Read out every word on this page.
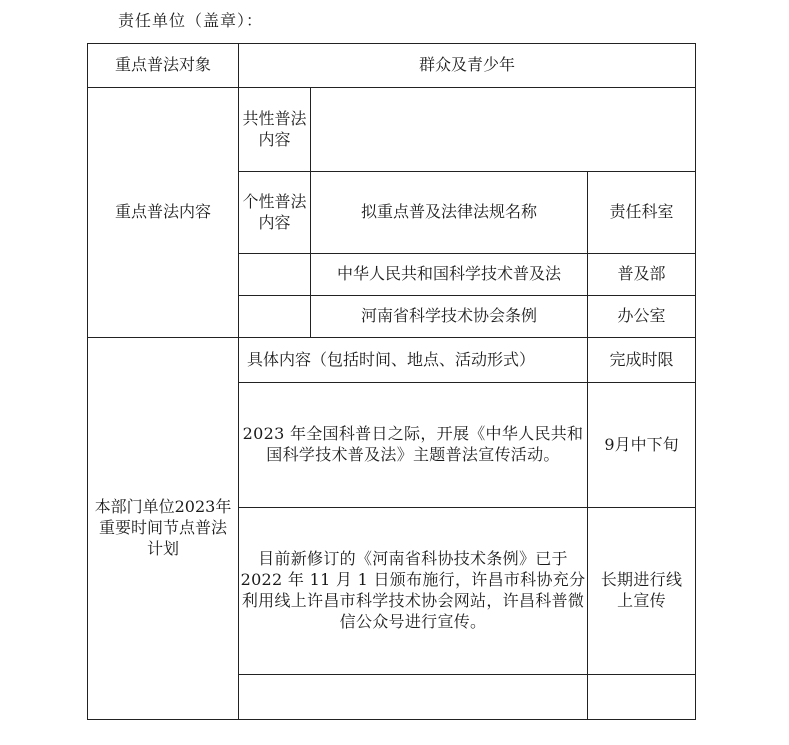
责任单位（盖章）：
重点普法对象	群众及青少年		
重点普法内容	共性普法内容		
	个性普法内容	拟重点普及法律法规名称	责任科室
		中华人民共和国科学技术普及法	普及部
		河南省科学技术协会条例	办公室
本部门单位2023年重要时间节点普法计划	具体内容（包括时间、地点、活动形式）		完成时限
	2023 年全国科普日之际，开展《中华人民共和国科学技术普及法》主题普法宣传活动。		9月中下旬
	目前新修订的《河南省科协技术条例》已于 2022 年 11 月 1 日颁布施行，许昌市科协充分利用线上许昌市科学技术协会网站，许昌科普微信公众号进行宣传。		长期进行线上宣传
